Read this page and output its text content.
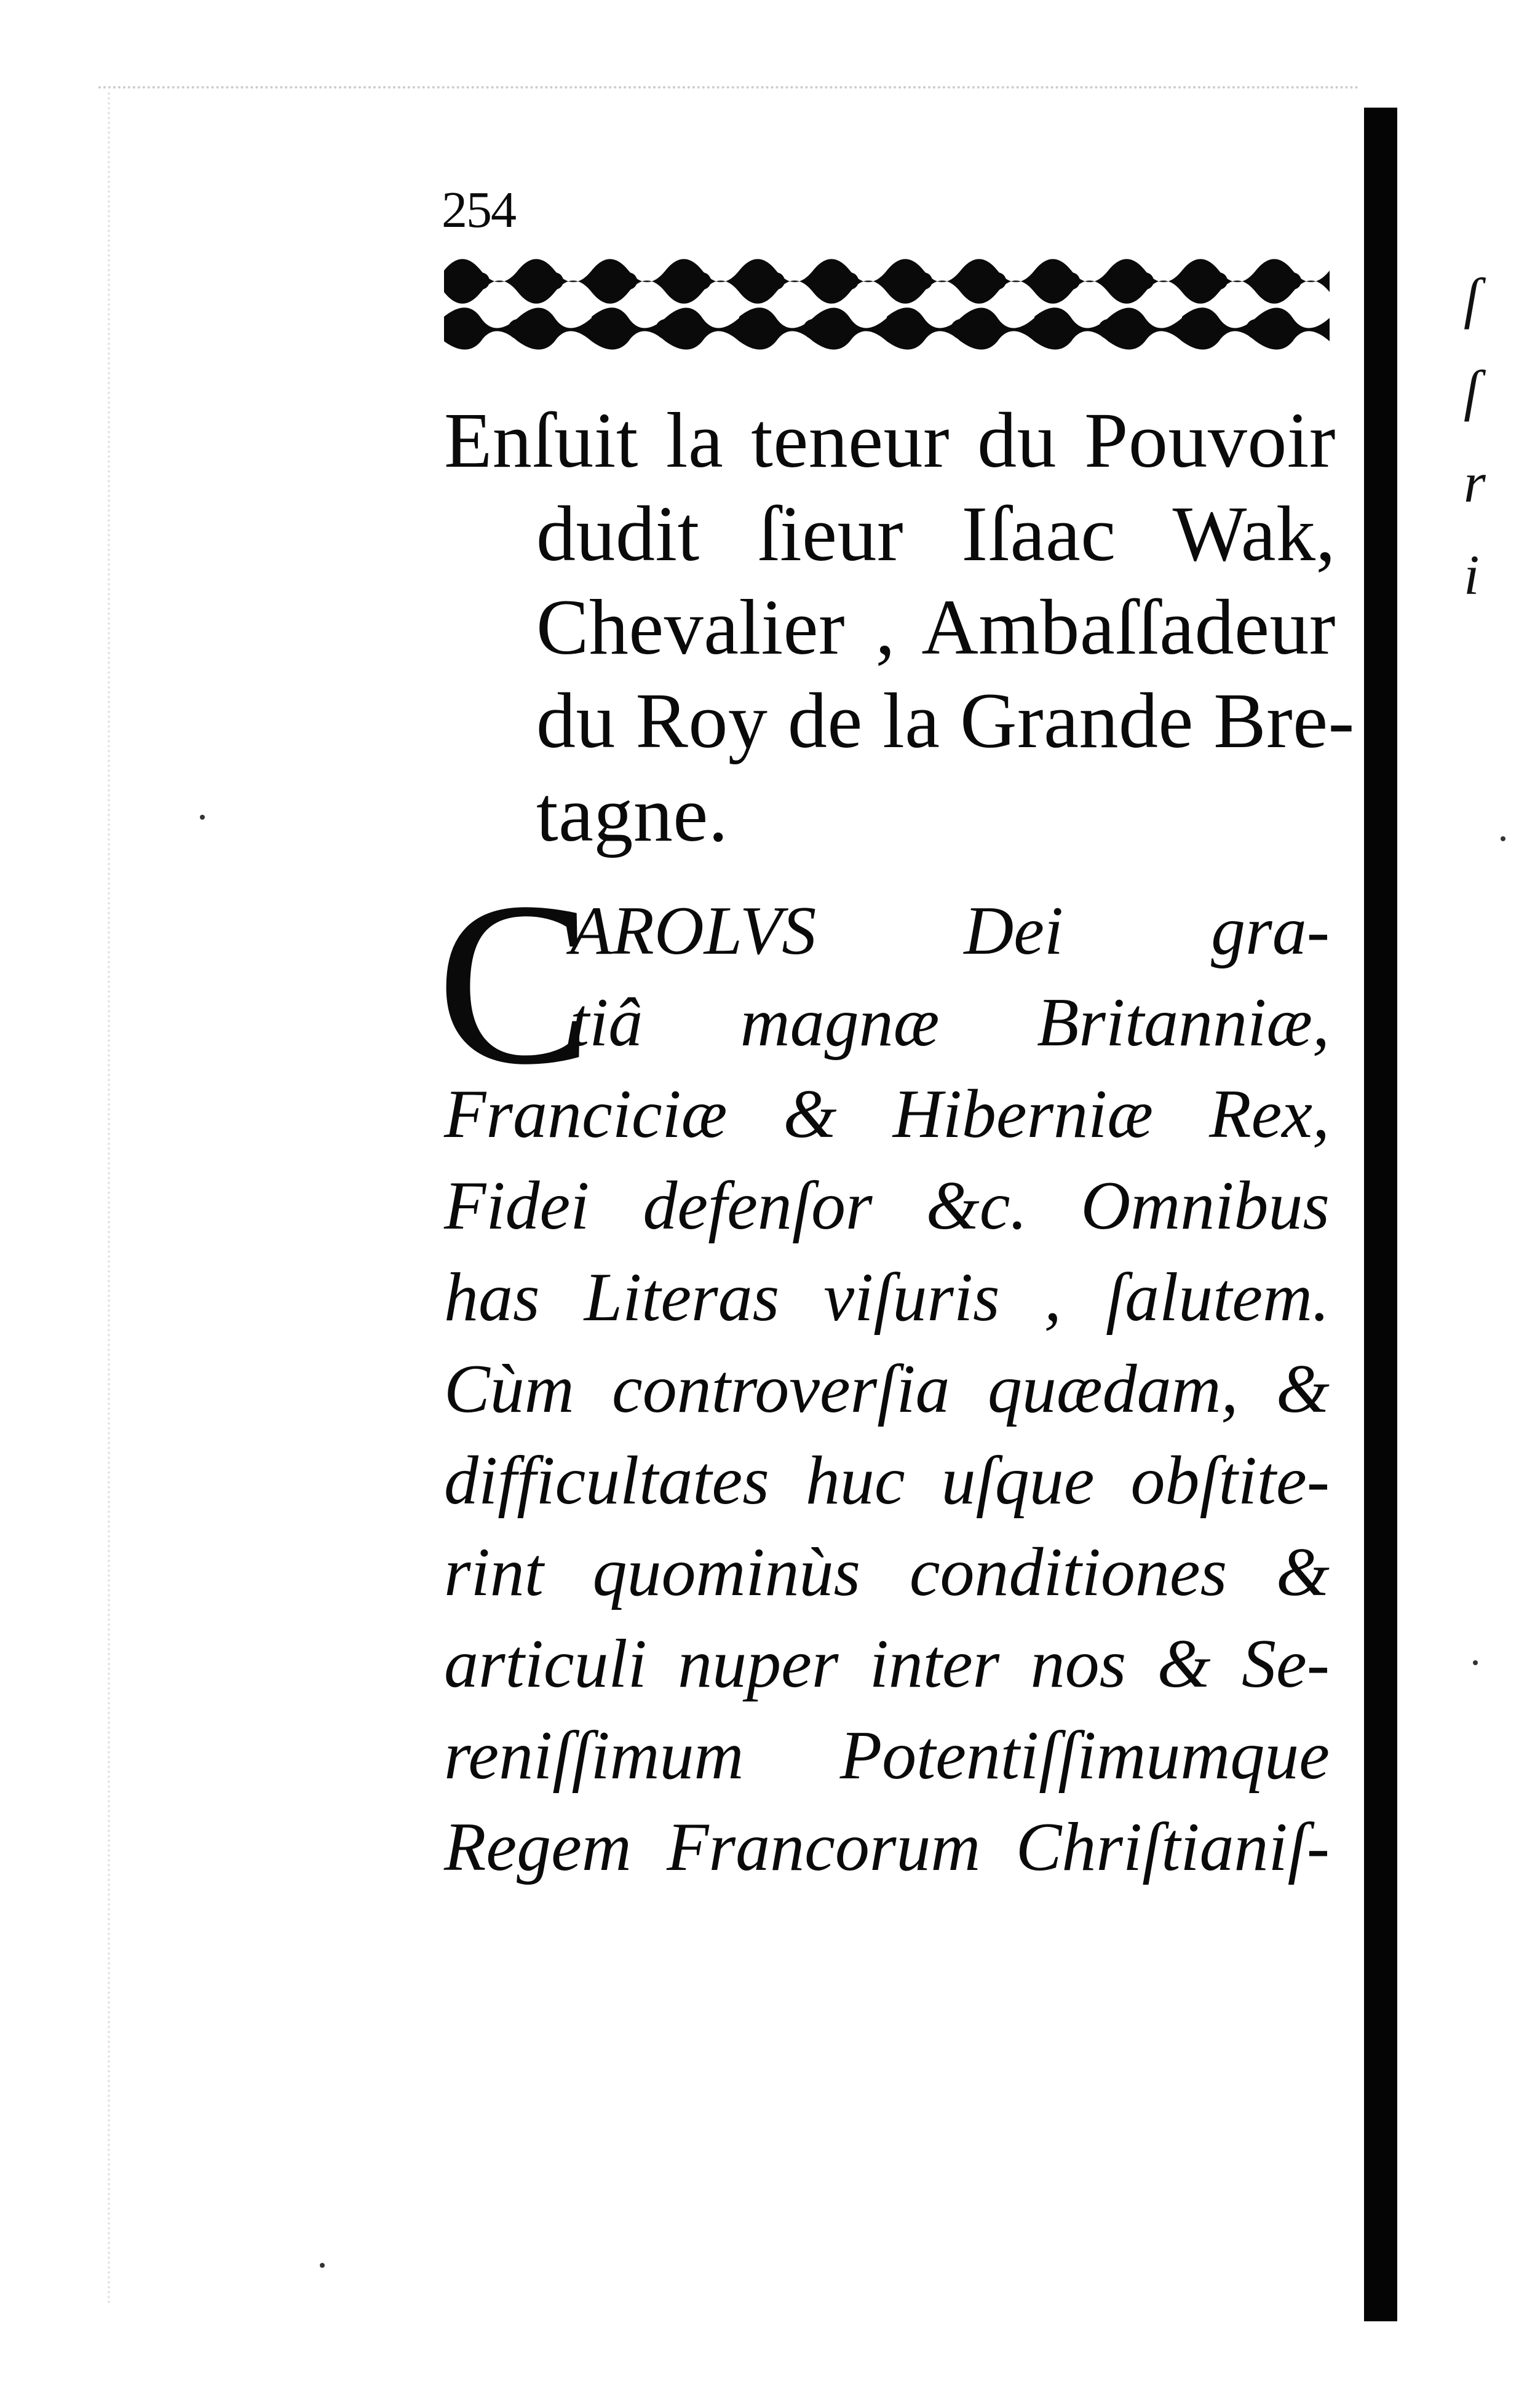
254
Enſuit la teneur du Pouvoir
dudit ſieur Iſaac Wak,
Chevalier , Ambaſſadeur
du Roy de la Grande Bre-
tagne.
C
AROLVS Dei gra-
tiâ magnæ Britanniæ,
Franciciæ & Hiberniæ Rex,
Fidei defenſor &c. Omnibus
has Literas viſuris , ſalutem.
Cùm controverſia quædam, &
difficultates huc uſque obſtite-
rint quominùs conditiones &
articuli nuper inter nos & Se-
reniſſimum Potentiſſimumque
Regem Francorum Chriſtianiſ-
ſ
ſ
r
i
